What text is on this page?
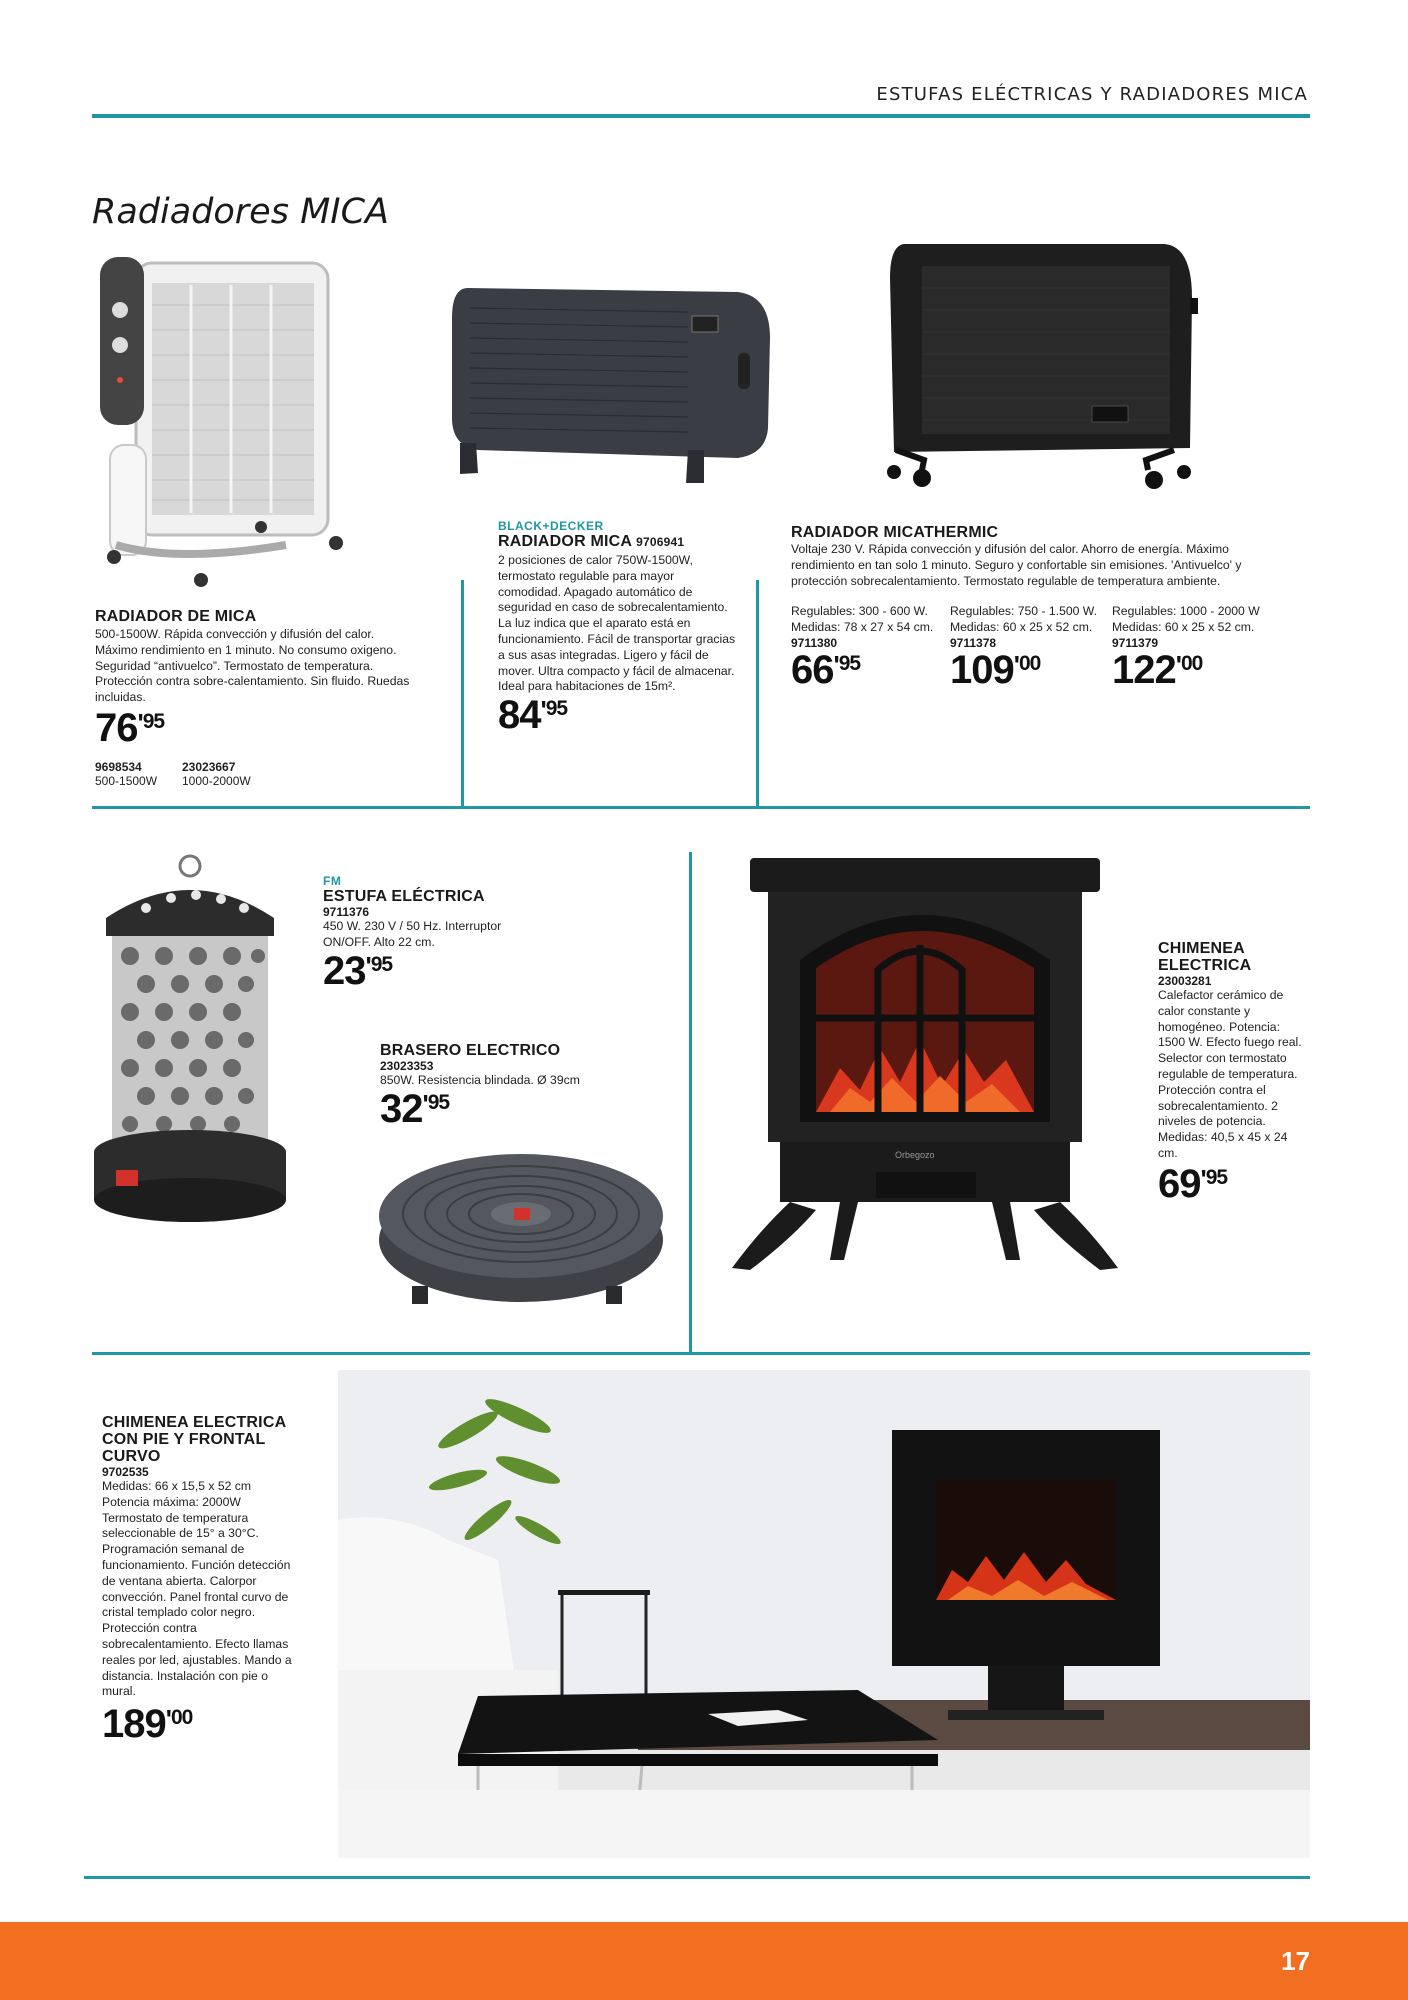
ESTUFAS ELÉCTRICAS Y RADIADORES MICA
Radiadores MICA
RADIADOR DE MICA
500-1500W. Rápida convección y difusión del calor. Máximo rendimiento en 1 minuto. No consumo oxigeno. Seguridad “antivuelco”. Termostato de temperatura. Protección contra sobre-calentamiento. Sin fluido. Ruedas incluidas.
76'95
9698534
500-1500W
23023667
1000-2000W
BLACK+DECKER
RADIADOR MICA 9706941
2 posiciones de calor 750W-1500W, termostato regulable para mayor comodidad. Apagado automático de seguridad en caso de sobrecalentamiento. La luz indica que el aparato está en funcionamiento. Fácil de transportar gracias a sus asas integradas. Ligero y fácil de mover. Ultra compacto y fácil de almacenar. Ideal para habitaciones de 15m².
84'95
RADIADOR MICATHERMIC
Voltaje 230 V. Rápida convección y difusión del calor. Ahorro de energía. Máximo rendimiento en tan solo 1 minuto. Seguro y confortable sin emisiones. 'Antivuelco' y protección sobrecalentamiento. Termostato regulable de temperatura ambiente.
Regulables: 300 - 600 W.
Medidas: 78 x 27 x 54 cm.
9711380
66'95
Regulables: 750 - 1.500 W.
Medidas: 60 x 25 x 52 cm.
9711378
109'00
Regulables: 1000 - 2000 W
Medidas: 60 x 25 x 52 cm.
9711379
122'00
FM
ESTUFA ELÉCTRICA
9711376
450 W. 230 V / 50 Hz. Interruptor ON/OFF. Alto 22 cm.
23'95
BRASERO ELECTRICO
23023353
850W. Resistencia blindada. Ø 39cm
32'95
Orbegozo
CHIMENEA ELECTRICA
23003281
Calefactor cerámico de calor constante y homogéneo. Potencia: 1500 W. Efecto fuego real. Selector con termostato regulable de temperatura. Protección contra el sobrecalentamiento. 2 niveles de potencia. Medidas: 40,5 x 45 x 24 cm.
69'95
CHIMENEA ELECTRICA CON PIE Y FRONTAL CURVO
9702535
Medidas: 66 x 15,5 x 52 cm Potencia máxima: 2000W Termostato de temperatura seleccionable de 15° a 30°C. Programación semanal de funcionamiento. Función detección de ventana abierta. Calorpor convección. Panel frontal curvo de cristal templado color negro. Protección contra sobrecalentamiento. Efecto llamas reales por led, ajustables. Mando a distancia. Instalación con pie o mural.
189'00
17
